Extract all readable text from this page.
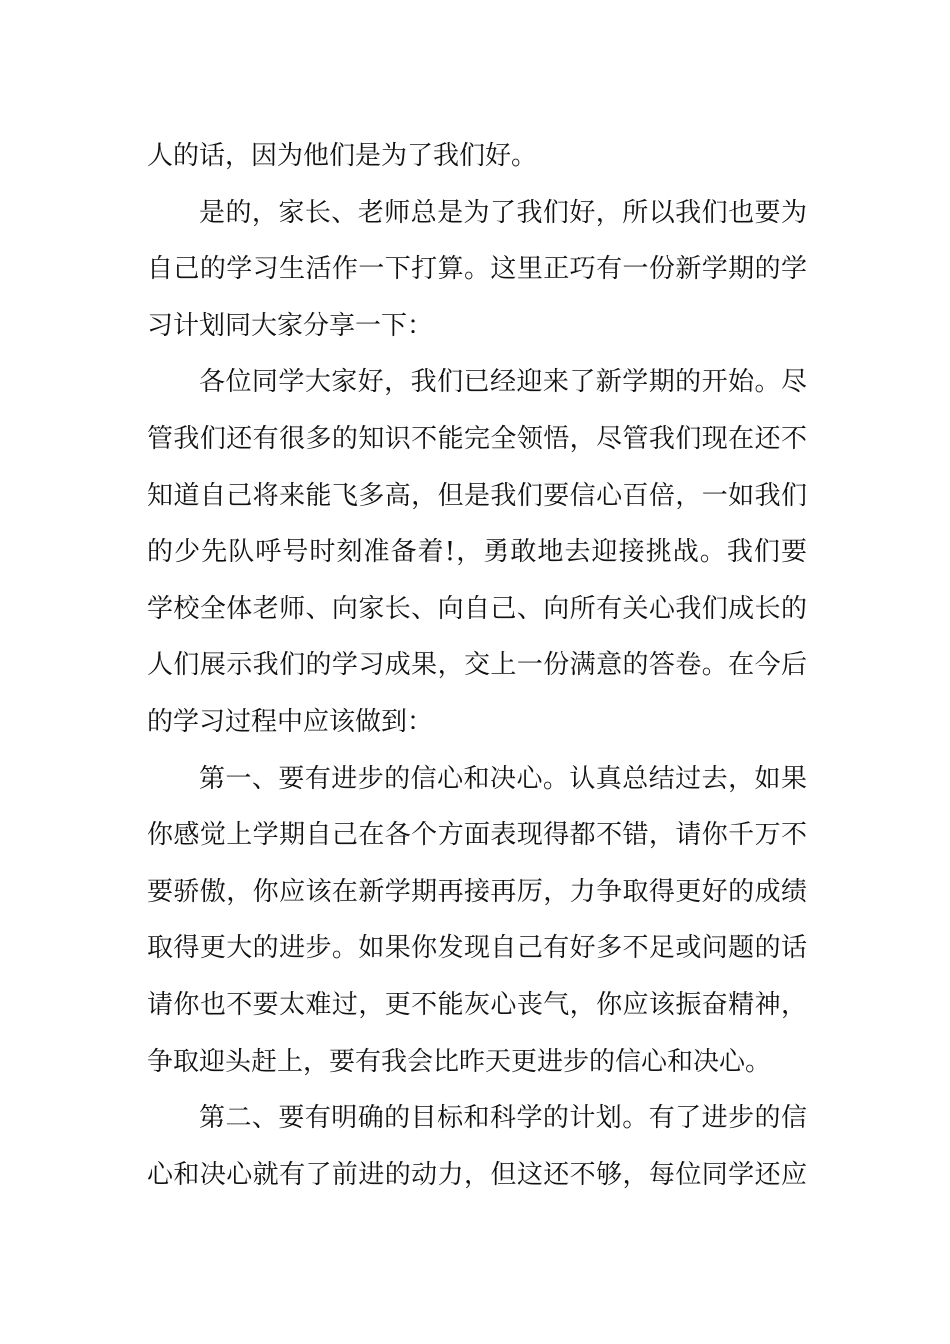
人的话，因为他们是为了我们好。
是的，家长、老师总是为了我们好，所以我们也要为
自己的学习生活作一下打算。这里正巧有一份新学期的学
习计划同大家分享一下：
各位同学大家好，我们已经迎来了新学期的开始。尽
管我们还有很多的知识不能完全领悟，尽管我们现在还不
知道自己将来能飞多高，但是我们要信心百倍，一如我们
的少先队呼号时刻准备着!，勇敢地去迎接挑战。我们要
学校全体老师、向家长、向自己、向所有关心我们成长的
人们展示我们的学习成果，交上一份满意的答卷。在今后
的学习过程中应该做到：
第一、要有进步的信心和决心。认真总结过去，如果
你感觉上学期自己在各个方面表现得都不错，请你千万不
要骄傲，你应该在新学期再接再厉，力争取得更好的成绩
取得更大的进步。如果你发现自己有好多不足或问题的话
请你也不要太难过，更不能灰心丧气，你应该振奋精神，
争取迎头赶上，要有我会比昨天更进步的信心和决心。
第二、要有明确的目标和科学的计划。有了进步的信
心和决心就有了前进的动力，但这还不够，每位同学还应
